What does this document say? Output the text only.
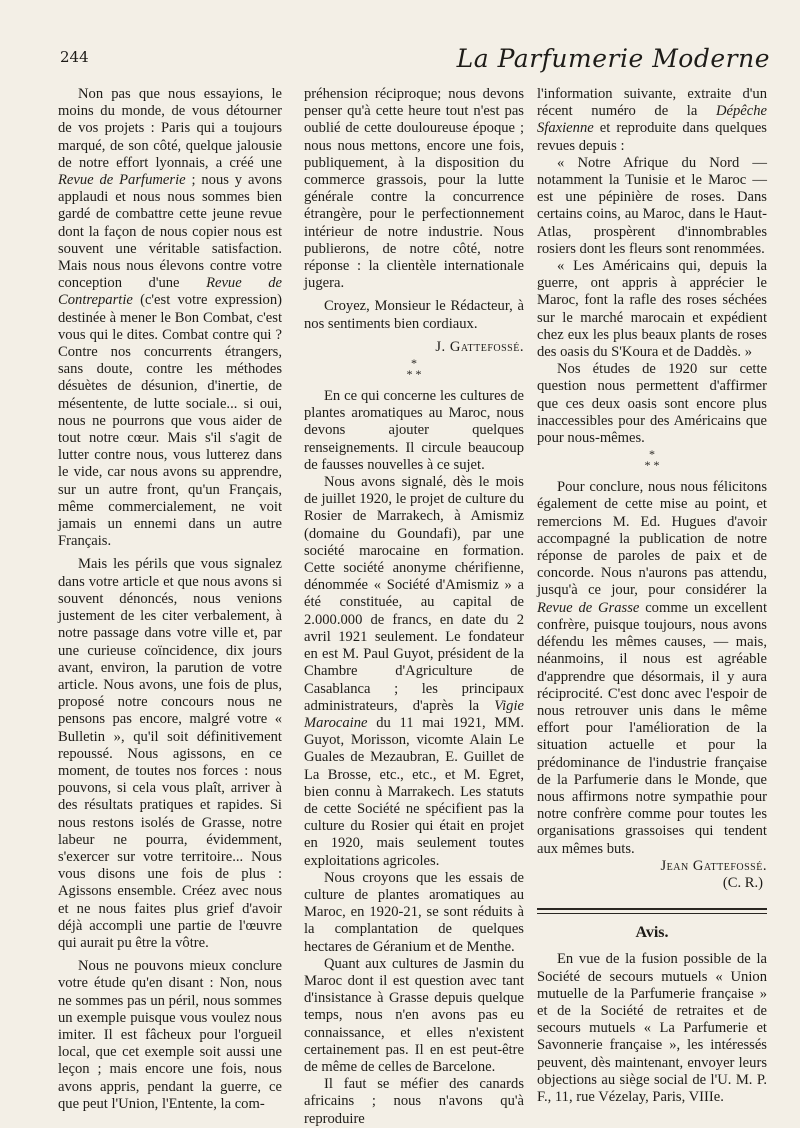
244	La Parfumerie Moderne

Non pas que nous essayions, le moins du monde, de vous détourner de vos projets : Paris qui a toujours marqué, de son côté, quelque jalousie de notre effort lyonnais, a créé une Revue de Parfumerie ; nous y avons applaudi et nous nous sommes bien gardé de combattre cette jeune revue dont la façon de nous copier nous est souvent une véritable satisfaction. Mais nous nous élevons contre votre conception d'une Revue de Contrepartie (c'est votre expression) destinée à mener le Bon Combat, c'est vous qui le dites. Combat contre qui ? Contre nos concurrents étrangers, sans doute, contre les méthodes désuètes de désunion, d'inertie, de mésentente, de lutte sociale... si oui, nous ne pourrons que vous aider de tout notre cœur. Mais s'il s'agit de lutter contre nous, vous lutterez dans le vide, car nous avons su apprendre, sur un autre front, qu'un Français, même commercialement, ne voit jamais un ennemi dans un autre Français.

Mais les périls que vous signalez dans votre article et que nous avons si souvent dénoncés, nous venions justement de les citer verbalement, à notre passage dans votre ville et, par une curieuse coïncidence, dix jours avant, environ, la parution de votre article. Nous avons, une fois de plus, proposé notre concours nous ne pensons pas encore, malgré votre « Bulletin », qu'il soit définitivement repoussé. Nous agissons, en ce moment, de toutes nos forces : nous pouvons, si cela vous plaît, arriver à des résultats pratiques et rapides. Si nous restons isolés de Grasse, notre labeur ne pourra, évidemment, s'exercer sur votre territoire... Nous vous disons une fois de plus : Agissons ensemble. Créez avec nous et ne nous faites plus grief d'avoir déjà accompli une partie de l'œuvre qui aurait pu être la vôtre.

Nous ne pouvons mieux conclure votre étude qu'en disant : Non, nous ne sommes pas un péril, nous sommes un exemple puisque vous voulez nous imiter. Il est fâcheux pour l'orgueil local, que cet exemple soit aussi une leçon ; mais encore une fois, nous avons appris, pendant la guerre, ce que peut l'Union, l'Entente, la com-

préhension réciproque; nous devons penser qu'à cette heure tout n'est pas oublié de cette douloureuse époque ; nous nous mettons, encore une fois, publiquement, à la disposition du commerce grassois, pour la lutte générale contre la concurrence étrangère, pour le perfectionnement intérieur de notre industrie. Nous publierons, de notre côté, notre réponse : la clientèle internationale jugera.

Croyez, Monsieur le Rédacteur, à nos sentiments bien cordiaux.

J. Gattefossé.
*
* *

En ce qui concerne les cultures de plantes aromatiques au Maroc, nous devons ajouter quelques renseignements. Il circule beaucoup de fausses nouvelles à ce sujet.

Nous avons signalé, dès le mois de juillet 1920, le projet de culture du Rosier de Marrakech, à Amismiz (domaine du Goundafi), par une société marocaine en formation. Cette société anonyme chérifienne, dénommée « Société d'Amismiz » a été constituée, au capital de 2.000.000 de francs, en date du 2 avril 1921 seulement. Le fondateur en est M. Paul Guyot, président de la Chambre d'Agriculture de Casablanca ; les principaux administrateurs, d'après la Vigie Marocaine du 11 mai 1921, MM. Guyot, Morisson, vicomte Alain Le Guales de Mezaubran, E. Guillet de La Brosse, etc., etc., et M. Egret, bien connu à Marrakech. Les statuts de cette Société ne spécifient pas la culture du Rosier qui était en projet en 1920, mais seulement toutes exploitations agricoles.

Nous croyons que les essais de culture de plantes aromatiques au Maroc, en 1920-21, se sont réduits à la complantation de quelques hectares de Géranium et de Menthe.

Quant aux cultures de Jasmin du Maroc dont il est question avec tant d'insistance à Grasse depuis quelque temps, nous n'en avons pas eu connaissance, et elles n'existent certainement pas. Il en est peut-être de même de celles de Barcelone.

Il faut se méfier des canards africains ; nous n'avons qu'à reproduire

l'information suivante, extraite d'un récent numéro de la Dépêche Sfaxienne et reproduite dans quelques revues depuis :

« Notre Afrique du Nord — notamment la Tunisie et le Maroc — est une pépinière de roses. Dans certains coins, au Maroc, dans le Haut-Atlas, prospèrent d'innombrables rosiers dont les fleurs sont renommées.

« Les Américains qui, depuis la guerre, ont appris à apprécier le Maroc, font la rafle des roses séchées sur le marché marocain et expédient chez eux les plus beaux plants de roses des oasis du S'Koura et de Daddès. »

Nos études de 1920 sur cette question nous permettent d'affirmer que ces deux oasis sont encore plus inaccessibles pour des Américains que pour nous-mêmes.

*
* *

Pour conclure, nous nous félicitons également de cette mise au point, et remercions M. Ed. Hugues d'avoir accompagné la publication de notre réponse de paroles de paix et de concorde. Nous n'aurons pas attendu, jusqu'à ce jour, pour considérer la Revue de Grasse comme un excellent confrère, puisque toujours, nous avons défendu les mêmes causes, — mais, néanmoins, il nous est agréable d'apprendre que désormais, il y aura réciprocité. C'est donc avec l'espoir de nous retrouver unis dans le même effort pour l'amélioration de la situation actuelle et pour la prédominance de l'industrie française de la Parfumerie dans le Monde, que nous affirmons notre sympathie pour notre confrère comme pour toutes les organisations grassoises qui tendent aux mêmes buts.

Jean Gattefossé.
(C. R.)
Avis.

En vue de la fusion possible de la Société de secours mutuels « Union mutuelle de la Parfumerie française » et de la Société de retraites et de secours mutuels « La Parfumerie et Savonnerie française », les intéressés peuvent, dès maintenant, envoyer leurs objections au siège social de l'U. M. P. F., 11, rue Vézelay, Paris, VIIIe.
